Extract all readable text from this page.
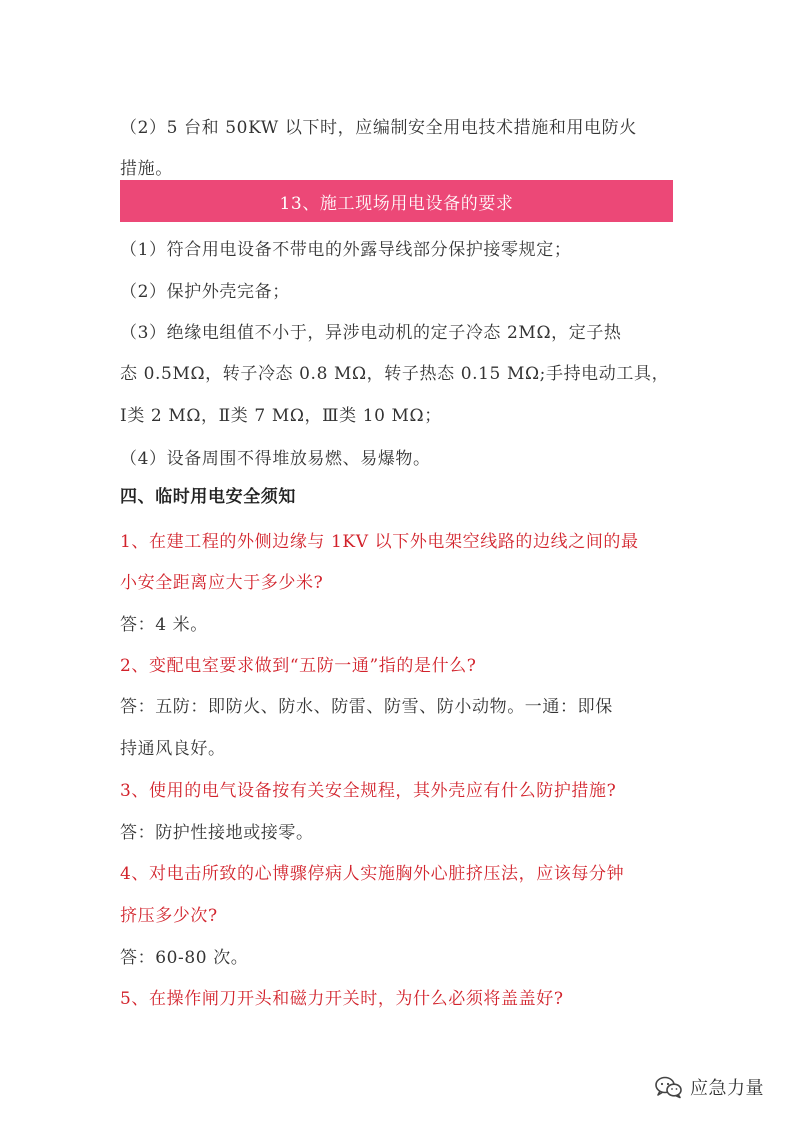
（2）5 台和 50KW 以下时，应编制安全用电技术措施和用电防火
措施。
13、施工现场用电设备的要求
（1）符合用电设备不带电的外露导线部分保护接零规定；
（2）保护外壳完备；
（3）绝缘电组值不小于，异涉电动机的定子冷态 2MΩ，定子热
态 0.5MΩ，转子冷态 0.8 MΩ，转子热态 0.15 MΩ;手持电动工具，
Ⅰ类 2 MΩ，Ⅱ类 7 MΩ，Ⅲ类 10 MΩ；
（4）设备周围不得堆放易燃、易爆物。
四、临时用电安全须知
1、在建工程的外侧边缘与 1KV 以下外电架空线路的边线之间的最
小安全距离应大于多少米?
答：4 米。
2、变配电室要求做到“五防一通”指的是什么?
答：五防：即防火、防水、防雷、防雪、防小动物。一通：即保
持通风良好。
3、使用的电气设备按有关安全规程，其外壳应有什么防护措施?
答：防护性接地或接零。
4、对电击所致的心博骤停病人实施胸外心脏挤压法，应该每分钟
挤压多少次?
答：60-80 次。
5、在操作闸刀开头和磁力开关时，为什么必须将盖盖好?
应急力量
